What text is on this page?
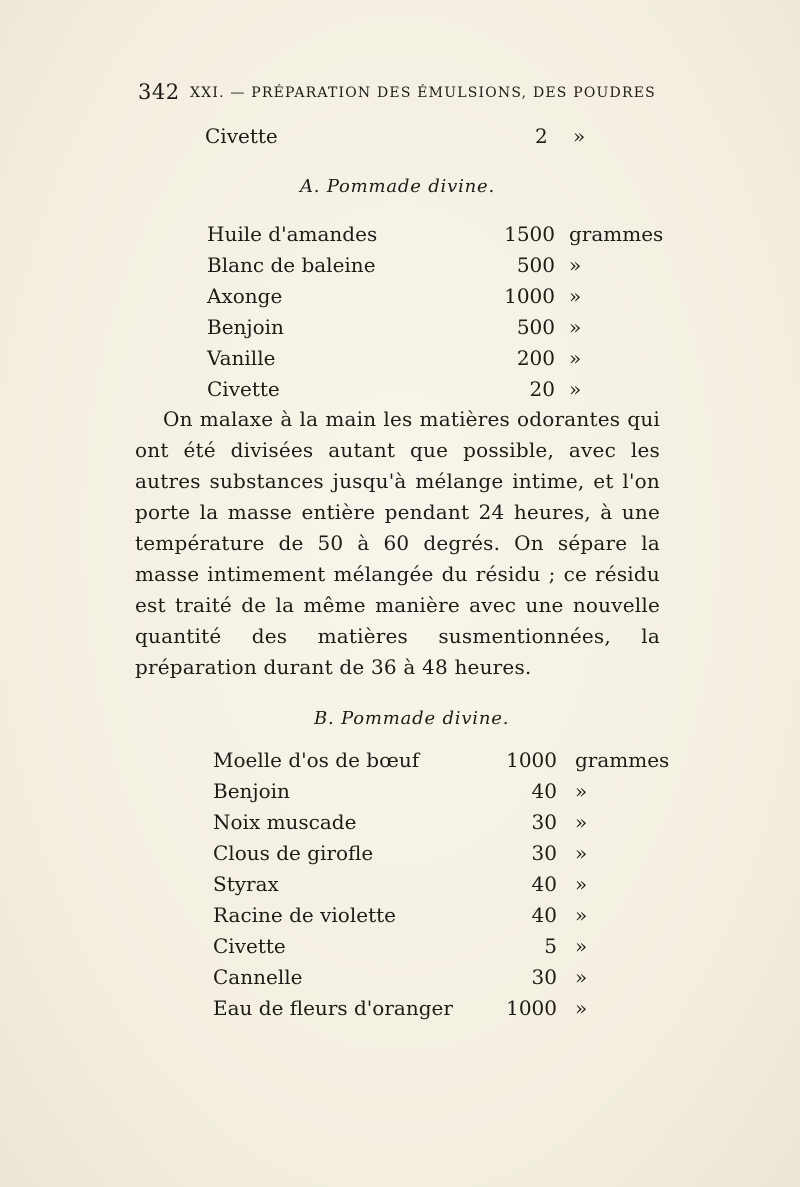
342 XXI. — PRÉPARATION DES ÉMULSIONS, DES POUDRES
Civette	2 »
A. Pommade divine.
Huile d'amandes	1500 grammes
Blanc de baleine	500 »
Axonge	1000 »
Benjoin	500 »
Vanille	200 »
Civette	20 »
On malaxe à la main les matières odorantes qui ont été divisées autant que possible, avec les autres substances jusqu'à mélange intime, et l'on porte la masse entière pendant 24 heures, à une température de 50 à 60 degrés. On sépare la masse intimement mélangée du résidu ; ce résidu est traité de la même manière avec une nouvelle quantité des matières susmentionnées, la préparation durant de 36 à 48 heures.
B. Pommade divine.
Moelle d'os de bœuf	1000 grammes
Benjoin	40 »
Noix muscade	30 »
Clous de girofle	30 »
Styrax	40 »
Racine de violette	40 »
Civette	5 »
Cannelle	30 »
Eau de fleurs d'oranger	1000 »
